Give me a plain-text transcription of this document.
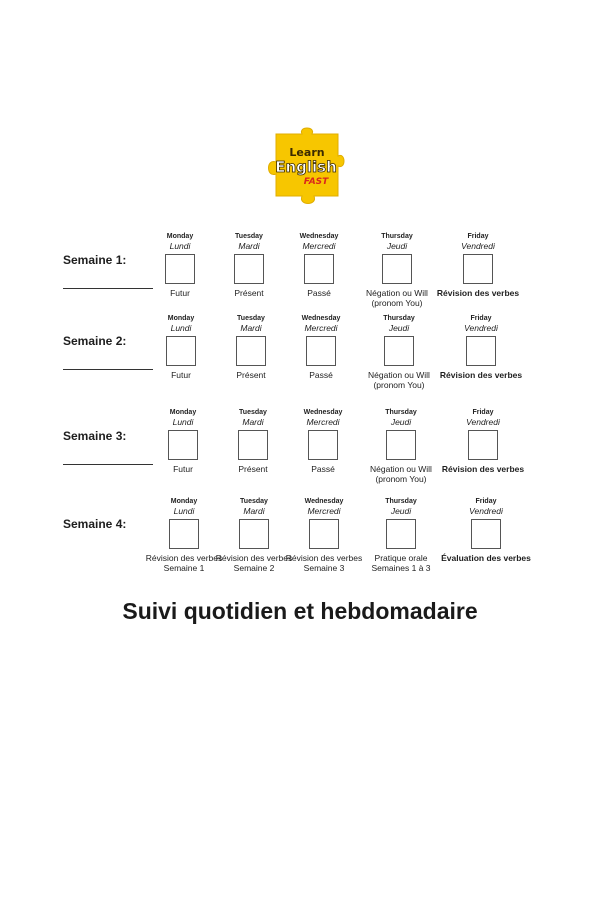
Learn
English
FAST
Semaine 1:
Monday
Lundi
Futur
Tuesday
Mardi
Présent
Wednesday
Mercredi
Passé
Thursday
Jeudi
Négation ou Will (pronom You)
Friday
Vendredi
Révision des verbes
Semaine 2:
Monday
Lundi
Futur
Tuesday
Mardi
Présent
Wednesday
Mercredi
Passé
Thursday
Jeudi
Négation ou Will (pronom You)
Friday
Vendredi
Révision des verbes
Semaine 3:
Monday
Lundi
Futur
Tuesday
Mardi
Présent
Wednesday
Mercredi
Passé
Thursday
Jeudi
Négation ou Will (pronom You)
Friday
Vendredi
Révision des verbes
Semaine 4:
Monday
Lundi
Révision des verbes Semaine 1
Tuesday
Mardi
Révision des verbes Semaine 2
Wednesday
Mercredi
Révision des verbes Semaine 3
Thursday
Jeudi
Pratique orale Semaines 1 à 3
Friday
Vendredi
Évaluation des verbes
Suivi quotidien et hebdomadaire
